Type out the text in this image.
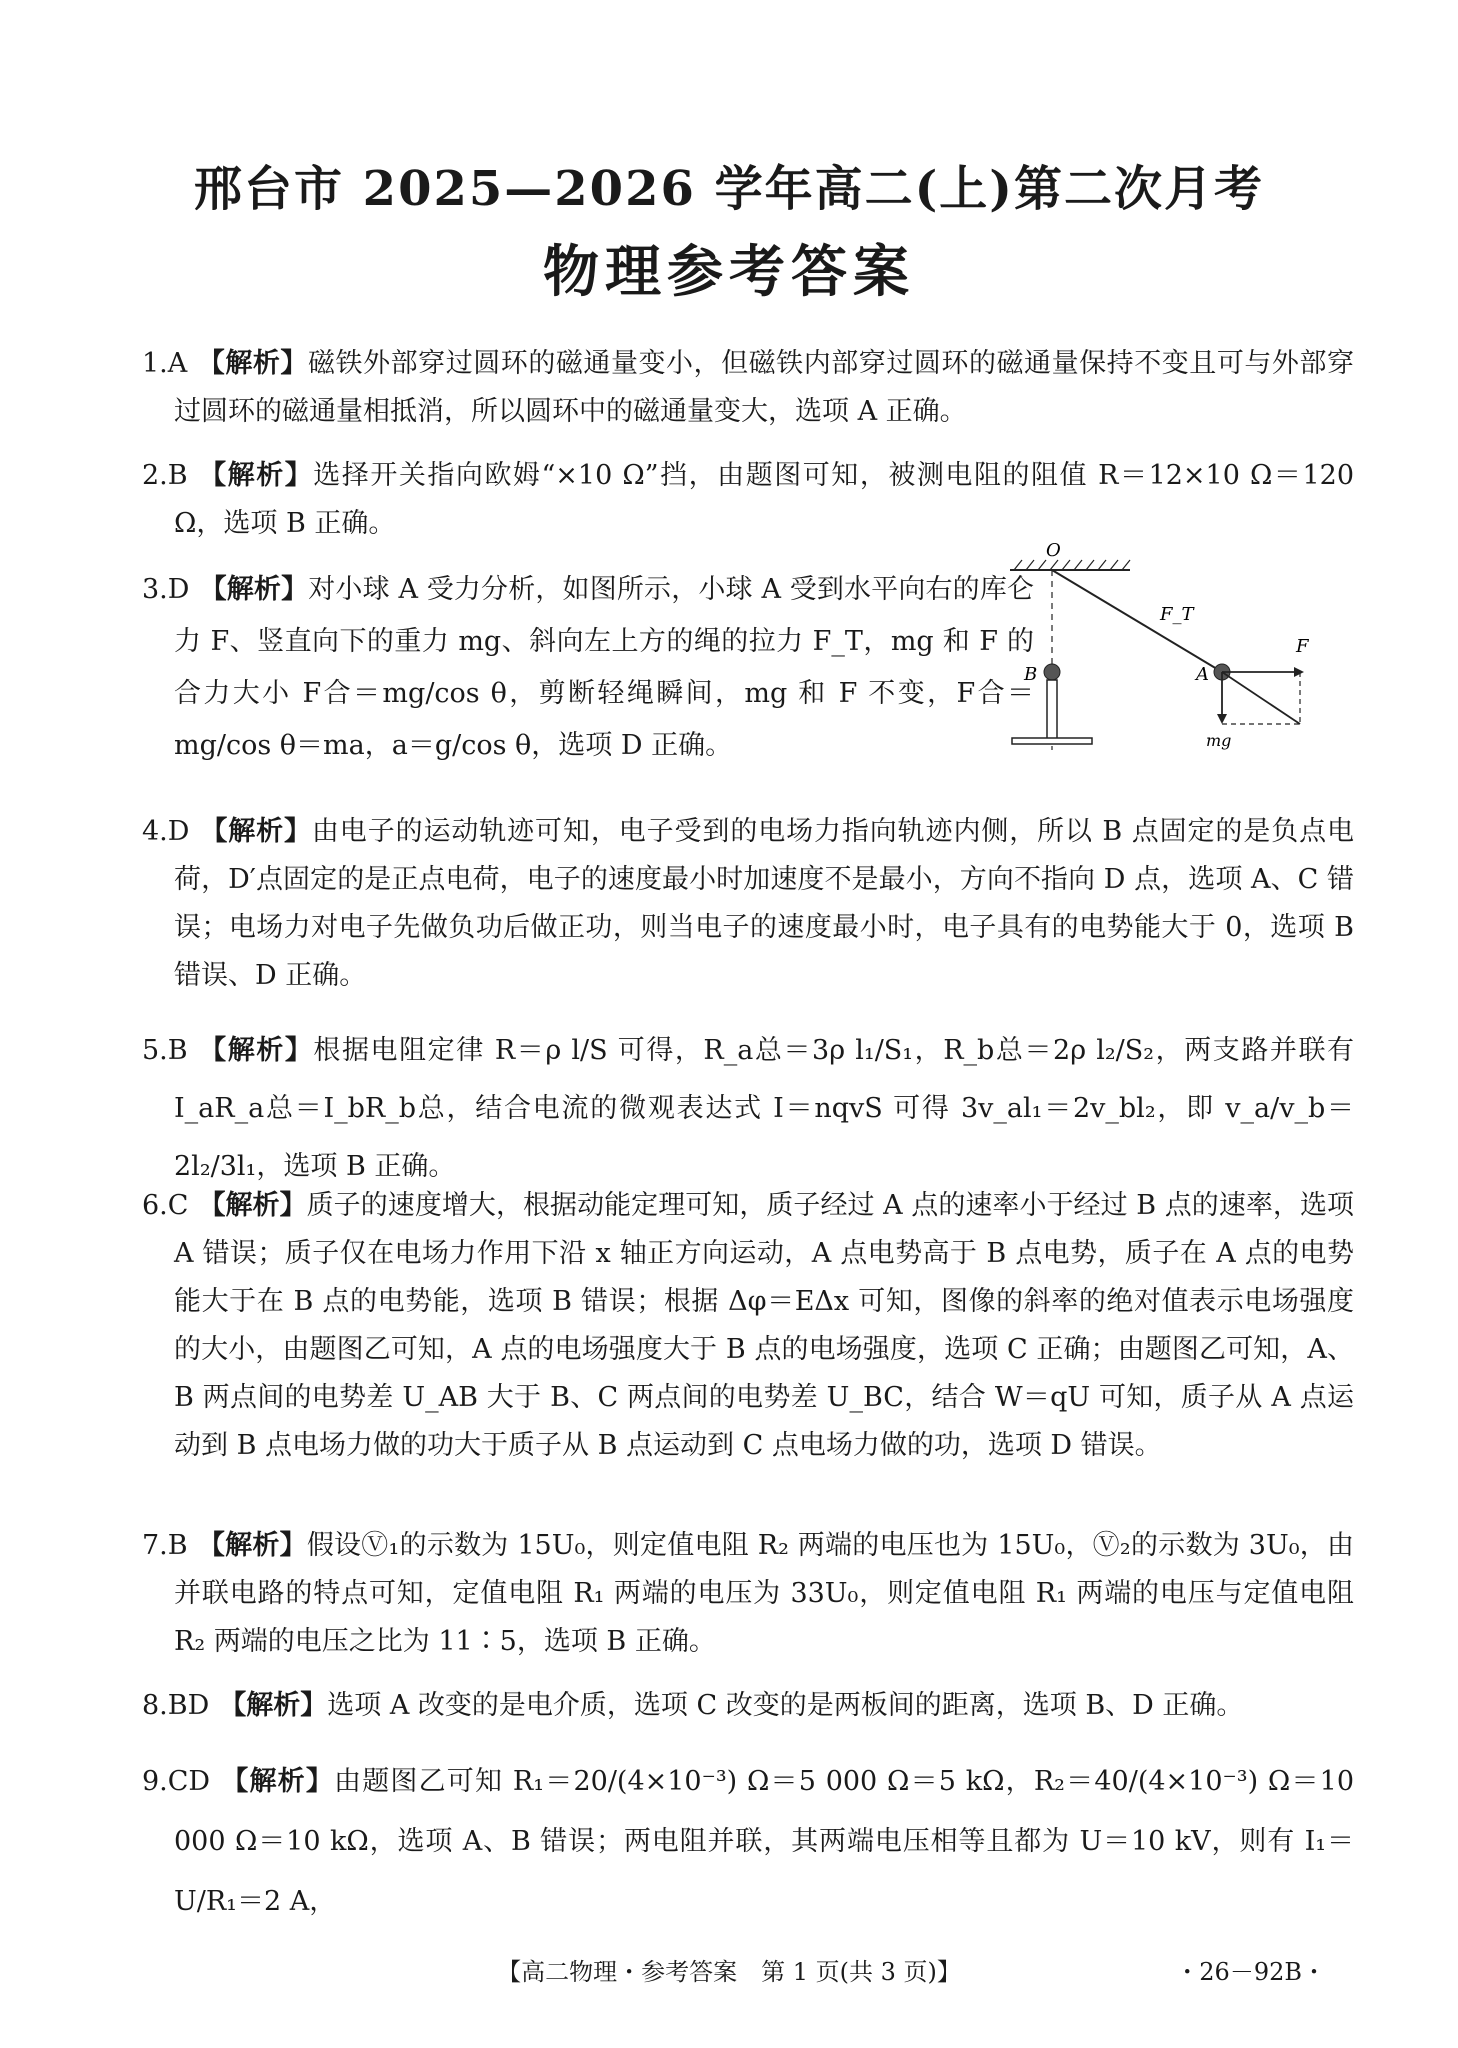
邢台市 2025—2026 学年高二(上)第二次月考
物理参考答案
1.A 【解析】磁铁外部穿过圆环的磁通量变小，但磁铁内部穿过圆环的磁通量保持不变且可与外部穿过圆环的磁通量相抵消，所以圆环中的磁通量变大，选项 A 正确。
2.B 【解析】选择开关指向欧姆“×10 Ω”挡，由题图可知，被测电阻的阻值 R＝12×10 Ω＝120 Ω，选项 B 正确。
3.D 【解析】对小球 A 受力分析，如图所示，小球 A 受到水平向右的库仑力 F、竖直向下的重力 mg、斜向左上方的绳的拉力 F_T，mg 和 F 的合力大小 F合＝mg/cos θ，剪断轻绳瞬间，mg 和 F 不变，F合＝mg/cos θ＝ma，a＝g/cos θ，选项 D 正确。
O
F_T
B	A
F
mg
4.D 【解析】由电子的运动轨迹可知，电子受到的电场力指向轨迹内侧，所以 B 点固定的是负点电荷，D′点固定的是正点电荷，电子的速度最小时加速度不是最小，方向不指向 D 点，选项 A、C 错误；电场力对电子先做负功后做正功，则当电子的速度最小时，电子具有的电势能大于 0，选项 B 错误、D 正确。
5.B 【解析】根据电阻定律 R＝ρ l/S 可得，R_a总＝3ρ l₁/S₁，R_b总＝2ρ l₂/S₂，两支路并联有 I_aR_a总＝I_bR_b总，结合电流的微观表达式 I＝nqvS 可得 3v_al₁＝2v_bl₂，即 v_a/v_b＝2l₂/3l₁，选项 B 正确。
6.C 【解析】质子的速度增大，根据动能定理可知，质子经过 A 点的速率小于经过 B 点的速率，选项 A 错误；质子仅在电场力作用下沿 x 轴正方向运动，A 点电势高于 B 点电势，质子在 A 点的电势能大于在 B 点的电势能，选项 B 错误；根据 Δφ＝EΔx 可知，图像的斜率的绝对值表示电场强度的大小，由题图乙可知，A 点的电场强度大于 B 点的电场强度，选项 C 正确；由题图乙可知，A、B 两点间的电势差 U_AB 大于 B、C 两点间的电势差 U_BC，结合 W＝qU 可知，质子从 A 点运动到 B 点电场力做的功大于质子从 B 点运动到 C 点电场力做的功，选项 D 错误。
7.B 【解析】假设Ⓥ₁的示数为 15U₀，则定值电阻 R₂ 两端的电压也为 15U₀，Ⓥ₂的示数为 3U₀，由并联电路的特点可知，定值电阻 R₁ 两端的电压为 33U₀，则定值电阻 R₁ 两端的电压与定值电阻 R₂ 两端的电压之比为 11∶5，选项 B 正确。
8.BD 【解析】选项 A 改变的是电介质，选项 C 改变的是两板间的距离，选项 B、D 正确。
9.CD 【解析】由题图乙可知 R₁＝20/(4×10⁻³) Ω＝5 000 Ω＝5 kΩ，R₂＝40/(4×10⁻³) Ω＝10 000 Ω＝10 kΩ，选项 A、B 错误；两电阻并联，其两端电压相等且都为 U＝10 kV，则有 I₁＝U/R₁＝2 A，
【高二物理・参考答案　第 1 页(共 3 页)】	・26－92B・
